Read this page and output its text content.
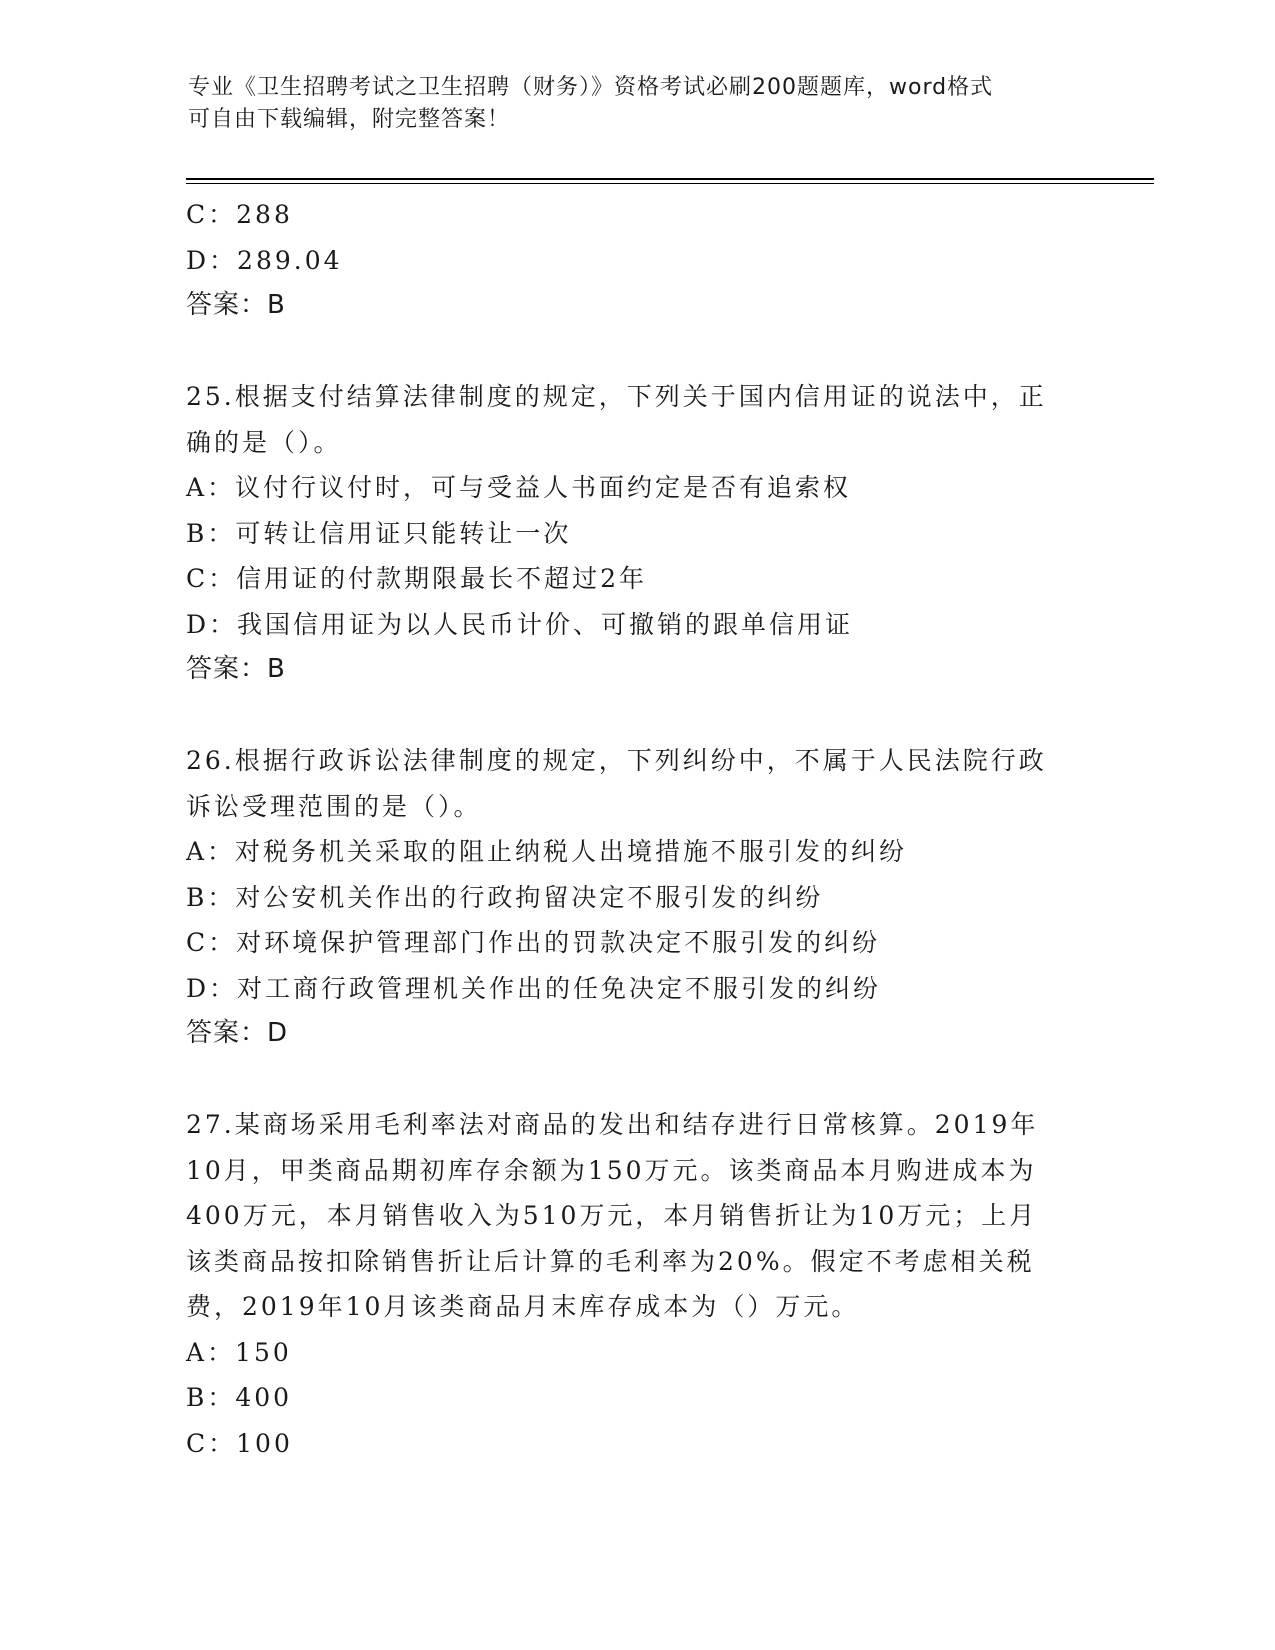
专业《卫生招聘考试之卫生招聘（财务）》资格考试必刷200题题库，word格式
可自由下载编辑，附完整答案！
C：288
D：289.04
答案：B
25.根据支付结算法律制度的规定，下列关于国内信用证的说法中，正
确的是（）。
A：议付行议付时，可与受益人书面约定是否有追索权
B：可转让信用证只能转让一次
C：信用证的付款期限最长不超过2年
D：我国信用证为以人民币计价、可撤销的跟单信用证
答案：B
26.根据行政诉讼法律制度的规定，下列纠纷中，不属于人民法院行政
诉讼受理范围的是（）。
A：对税务机关采取的阻止纳税人出境措施不服引发的纠纷
B：对公安机关作出的行政拘留决定不服引发的纠纷
C：对环境保护管理部门作出的罚款决定不服引发的纠纷
D：对工商行政管理机关作出的任免决定不服引发的纠纷
答案：D
27.某商场采用毛利率法对商品的发出和结存进行日常核算。2019年
10月，甲类商品期初库存余额为150万元。该类商品本月购进成本为
400万元，本月销售收入为510万元，本月销售折让为10万元；上月
该类商品按扣除销售折让后计算的毛利率为20%。假定不考虑相关税
费，2019年10月该类商品月末库存成本为（）万元。
A：150
B：400
C：100
